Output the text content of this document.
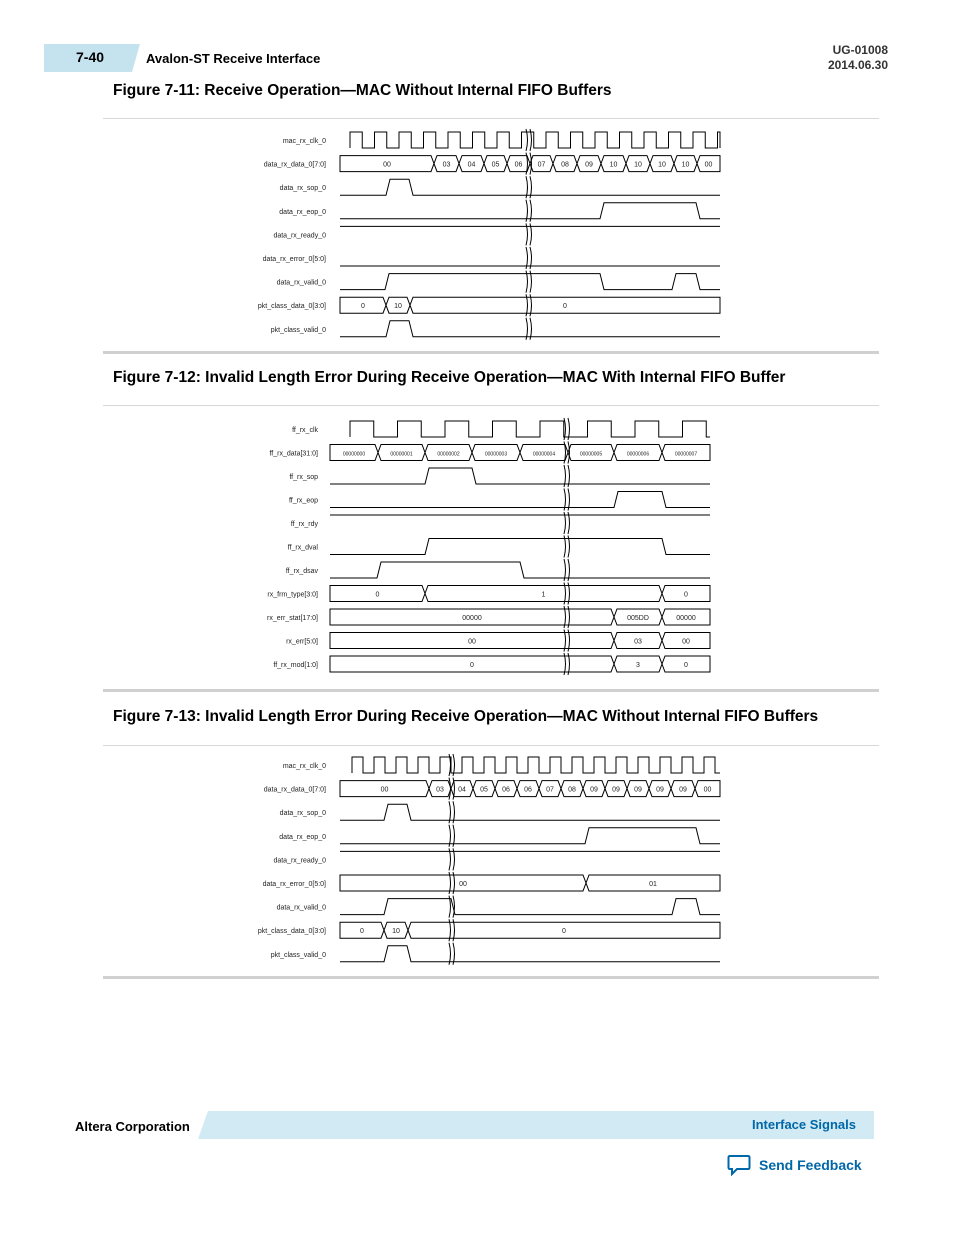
7-40	Avalon-ST Receive Interface
UG-01008
2014.06.30
Figure 7-11: Receive Operation—MAC Without Internal FIFO Buffers
mac_rx_clk_0
data_rx_data_0[7:0]
data_rx_sop_0
data_rx_eop_0
data_rx_ready_0
data_rx_error_0[5:0]
data_rx_valid_0
pkt_class_data_0[3:0]
pkt_class_valid_0
00	03 04 05 06 07 08 09 10 10 10 10 00
0	10	0
Figure 7-12: Invalid Length Error During Receive Operation—MAC With Internal FIFO Buffer
ff_rx_clk
ff_rx_data[31:0]
ff_rx_sop
ff_rx_eop
ff_rx_rdy
ff_rx_dval
ff_rx_dsav
rx_frm_type[3:0]
rx_err_stat[17:0]
rx_err[5:0]
ff_rx_mod[1:0]
00000000	00000001	00000002	00000003	00000004	00000005	00000006	00000007
0	1	0
00000	005DD	00000
00	03	00
0	3	0
Figure 7-13: Invalid Length Error During Receive Operation—MAC Without Internal FIFO Buffers
mac_rx_clk_0
data_rx_data_0[7:0]
data_rx_sop_0
data_rx_eop_0
data_rx_ready_0
data_rx_error_0[5:0]
data_rx_valid_0
pkt_class_data_0[3:0]
pkt_class_valid_0
00	03 04 05 06 06 07 08 09 09 09 09 09 00
00	01
0	10	0
Altera Corporation	Interface Signals
Send Feedback
